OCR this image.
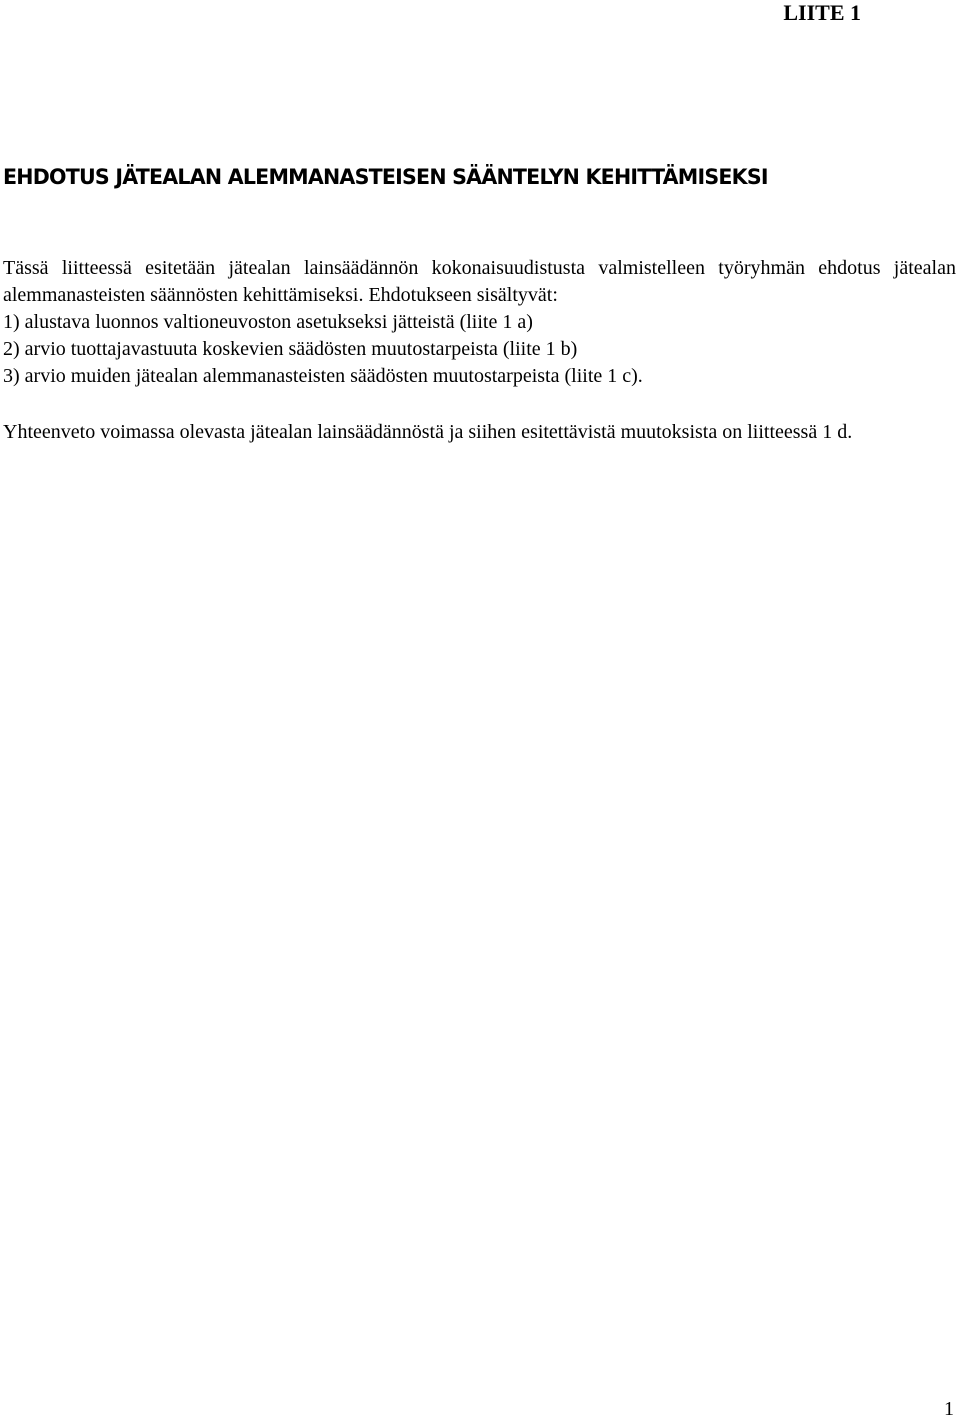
LIITE 1
EHDOTUS JÄTEALAN ALEMMANASTEISEN SÄÄNTELYN KEHITTÄMISEKSI
Tässä liitteessä esitetään jätealan lainsäädännön kokonaisuudistusta valmistelleen työryhmän ehdotus jätealan alemmanasteisten säännösten kehittämiseksi. Ehdotukseen sisältyvät:
1) alustava luonnos valtioneuvoston asetukseksi jätteistä (liite 1 a)
2) arvio tuottajavastuuta koskevien säädösten muutostarpeista (liite 1 b)
3) arvio muiden jätealan alemmanasteisten säädösten muutostarpeista (liite 1 c).
Yhteenveto voimassa olevasta jätealan lainsäädännöstä ja siihen esitettävistä muutoksista on liitteessä 1 d.
1
